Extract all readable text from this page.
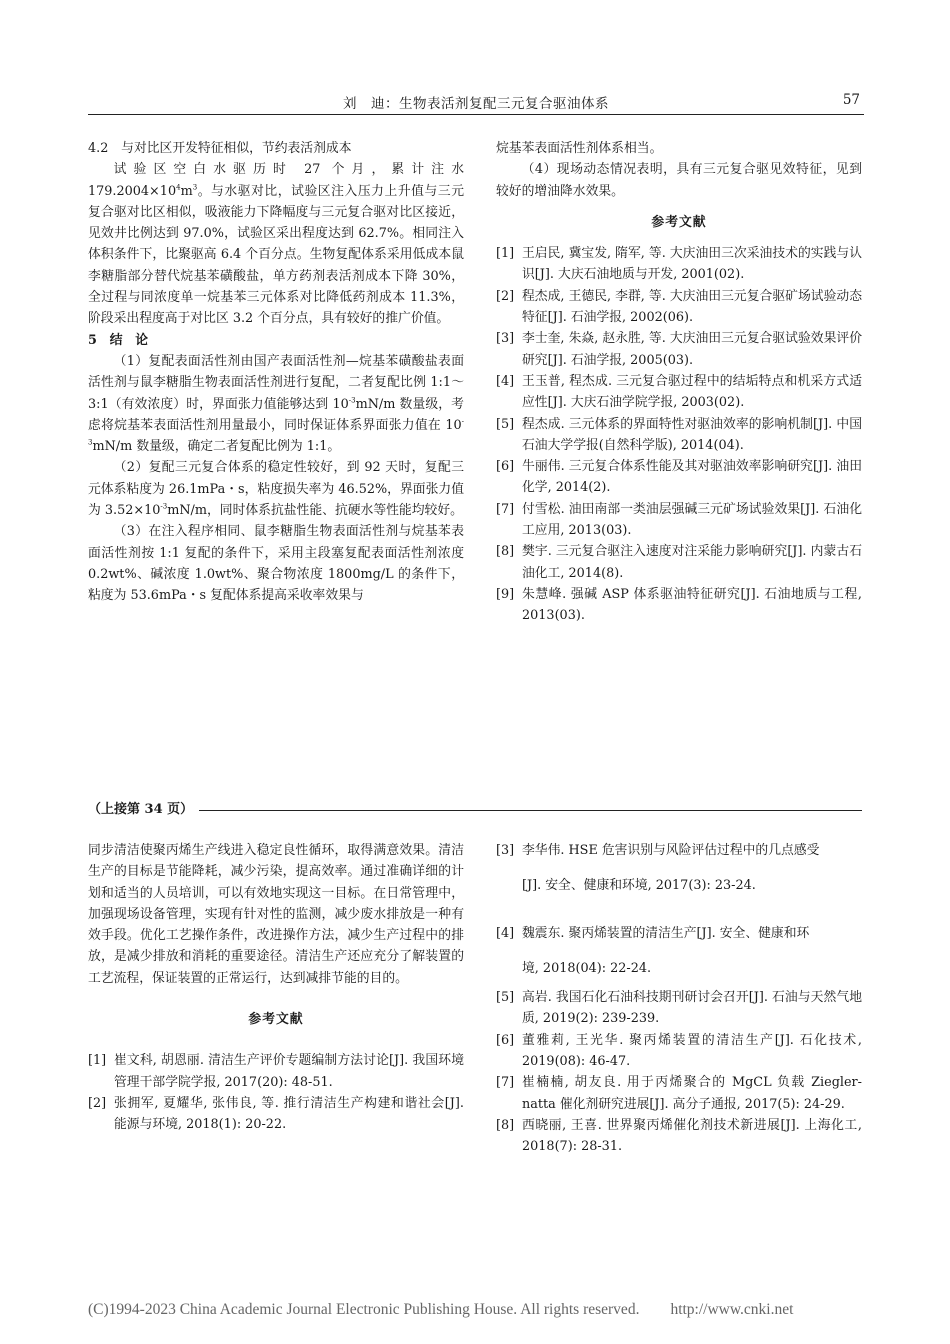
刘　迪：生物表活剂复配三元复合驱油体系	57

4.2　与对比区开发特征相似，节约表活剂成本

试验区空白水驱历时 27 个月，累计注水 $179.2004\times 10^4m^3$。与水驱对比，试验区注入压力上升值与三元复合驱对比区相似，吸液能力下降幅度与三元复合驱对比区接近，见效井比例达到 97.0%，试验区采出程度达到 62.7%。相同注入体积条件下，比聚驱高 6.4 个百分点。生物复配体系采用低成本鼠李糖脂部分替代烷基苯磺酸盐，单方药剂表活剂成本下降 30%，全过程与同浓度单一烷基苯三元体系对比降低药剂成本 11.3%，阶段采出程度高于对比区 3.2 个百分点，具有较好的推广价值。

5　结　论

（1）复配表面活性剂由国产表面活性剂—烷基苯磺酸盐表面活性剂与鼠李糖脂生物表面活性剂进行复配，二者复配比例 1:1～3:1（有效浓度）时，界面张力值能够达到 $10^{-3}mN/m$ 数量级，考虑将烷基苯表面活性剂用量最小，同时保证体系界面张力值在 $10^{-3}mN/m$ 数量级，确定二者复配比例为 1:1。

（2）复配三元复合体系的稳定性较好，到 92 天时，复配三元体系粘度为 26.1mPa・s，粘度损失率为 46.52%，界面张力值为 $3.52\times 10^{-3}mN/m$，同时体系抗盐性能、抗硬水等性能均较好。

（3）在注入程序相同、鼠李糖脂生物表面活性剂与烷基苯表面活性剂按 1:1 复配的条件下，采用主段塞复配表面活性剂浓度 0.2wt%、碱浓度 1.0wt%、聚合物浓度 1800mg/L 的条件下，粘度为 53.6mPa・s 复配体系提高采收率效果与

烷基苯表面活性剂体系相当。

（4）现场动态情况表明，具有三元复合驱见效特征，见到较好的增油降水效果。

参考文献

[1] 王启民, 冀宝发, 隋军, 等. 大庆油田三次采油技术的实践与认识[J]. 大庆石油地质与开发, 2001(02).
[2] 程杰成, 王德民, 李群, 等. 大庆油田三元复合驱矿场试验动态特征[J]. 石油学报, 2002(06).
[3] 李士奎, 朱焱, 赵永胜, 等. 大庆油田三元复合驱试验效果评价研究[J]. 石油学报, 2005(03).
[4] 王玉普, 程杰成. 三元复合驱过程中的结垢特点和机采方式适应性[J]. 大庆石油学院学报, 2003(02).
[5] 程杰成. 三元体系的界面特性对驱油效率的影响机制[J]. 中国石油大学学报(自然科学版), 2014(04).
[6] 牛丽伟. 三元复合体系性能及其对驱油效率影响研究[J]. 油田化学, 2014(2).
[7] 付雪松. 油田南部一类油层强碱三元矿场试验效果[J]. 石油化工应用, 2013(03).
[8] 樊宇. 三元复合驱注入速度对注采能力影响研究[J]. 内蒙古石油化工, 2014(8).
[9] 朱慧峰. 强碱 ASP 体系驱油特征研究[J]. 石油地质与工程, 2013(03).
（上接第 34 页）

同步清洁使聚丙烯生产线进入稳定良性循环，取得满意效果。清洁生产的目标是节能降耗，减少污染，提高效率。通过准确详细的计划和适当的人员培训，可以有效地实现这一目标。在日常管理中，加强现场设备管理，实现有针对性的监测，减少废水排放是一种有效手段。优化工艺操作条件，改进操作方法，减少生产过程中的排放，是减少排放和消耗的重要途径。清洁生产还应充分了解装置的工艺流程，保证装置的正常运行，达到减排节能的目的。

参考文献

[1] 崔文科, 胡恩丽. 清洁生产评价专题编制方法讨论[J]. 我国环境管理干部学院学报, 2017(20): 48-51.
[2] 张拥军, 夏耀华, 张伟良, 等. 推行清洁生产构建和谐社会[J]. 能源与环境, 2018(1): 20-22.
[3] 李华伟. HSE 危害识别与风险评估过程中的几点感受
[J]. 安全、健康和环境, 2017(3): 23-24.
[4] 魏震东. 聚丙烯装置的清洁生产[J]. 安全、健康和环
境, 2018(04): 22-24.
[5] 高岩. 我国石化石油科技期刊研讨会召开[J]. 石油与天然气地质, 2019(2): 239-239.
[6] 董雅莉, 王光华. 聚丙烯装置的清洁生产[J]. 石化技术, 2019(08): 46-47.
[7] 崔楠楠, 胡友良. 用于丙烯聚合的 MgCL 负载 Ziegler-natta 催化剂研究进展[J]. 高分子通报, 2017(5): 24-29.
[8] 西晓丽, 王喜. 世界聚丙烯催化剂技术新进展[J]. 上海化工, 2018(7): 28-31.
(C)1994-2023 China Academic Journal Electronic Publishing House. All rights reserved.　　http://www.cnki.net
